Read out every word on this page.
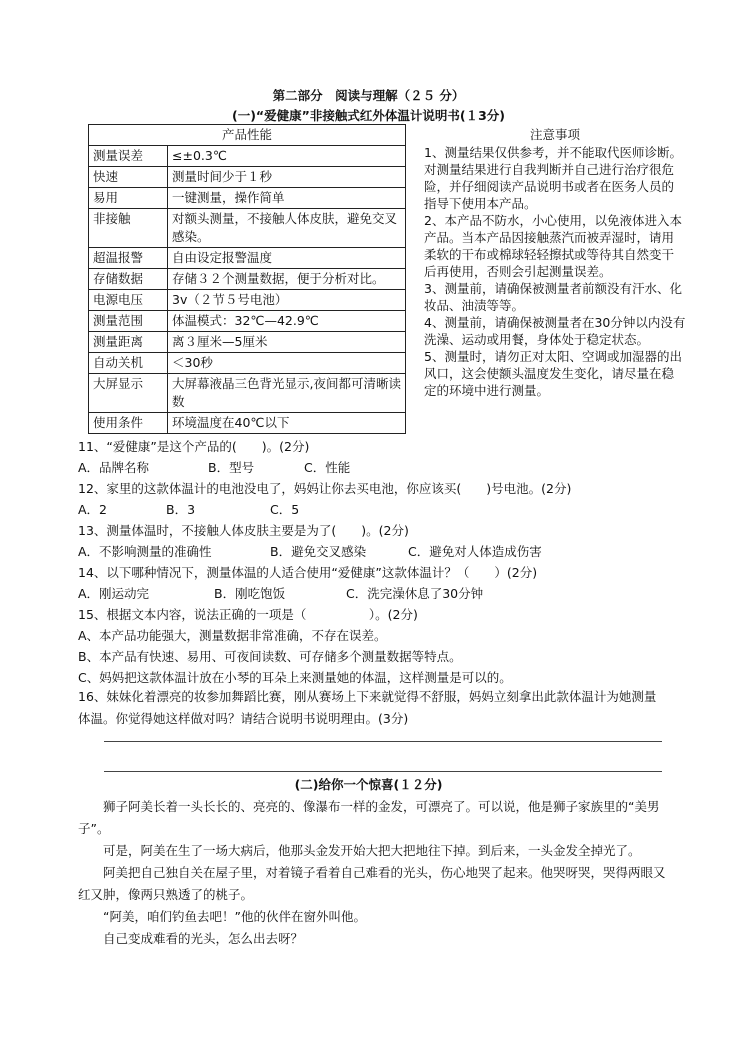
第二部分　阅读与理解（２５ 分）
(一)“爱健康”非接触式红外体温计说明书(１3分)
产品性能	
测量误差	≤±0.3℃
快速	测量时间少于１秒
易用	一键测量，操作简单
非接触	对额头测量，不接触人体皮肤，避免交叉感染。
超温报警	自由设定报警温度
存储数据	存储３２个测量数据，便于分析对比。
电源电压	3v（２节５号电池）
测量范围	体温模式：32℃—42.9℃
测量距离	离３厘米—5厘米
自动关机	＜30秒
大屏显示	大屏幕液晶三色背光显示,夜间都可清晰读数
使用条件	环境温度在40℃以下
注意事项

1、测量结果仅供参考，并不能取代医师诊断。对测量结果进行自我判断并自己进行治疗很危险，并仔细阅读产品说明书或者在医务人员的指导下使用本产品。

2、本产品不防水，小心使用，以免液体进入本产品。当本产品因接触蒸汽而被弄湿时，请用柔软的干布或棉球轻轻擦拭或等待其自然变干后再使用，否则会引起测量误差。

3、测量前，请确保被测量者前额没有汗水、化妆品、油渍等等。

4、测量前，请确保被测量者在30分钟以内没有洗澡、运动或用餐，身体处于稳定状态。

5、测量时，请勿正对太阳、空调或加湿器的出风口，这会使额头温度发生变化，请尽量在稳定的环境中进行测量。

11、“爱健康”是这个产品的(　　)。(2分)
A．品牌名称	B．型号	C．性能
12、家里的这款体温计的电池没电了，妈妈让你去买电池，你应该买(　　)号电池。(2分)
A．2	B．3	C．5
13、测量体温时，不接触人体皮肤主要是为了(　　)。(2分)
A．不影响测量的准确性	B．避免交叉感染	C．避免对人体造成伤害
14、以下哪种情况下，测量体温的人适合使用“爱健康”这款体温计？（　　）(2分)
A．刚运动完	B．刚吃饱饭	C．洗完澡休息了30分钟
15、根据文本内容，说法正确的一项是（　　　　　）。(2分)
A、本产品功能强大，测量数据非常准确，不存在误差。
B、本产品有快速、易用、可夜间读数、可存储多个测量数据等特点。
C、妈妈把这款体温计放在小琴的耳朵上来测量她的体温，这样测量是可以的。
16、妹妹化着漂亮的妆参加舞蹈比赛，刚从赛场上下来就觉得不舒服，妈妈立刻拿出此款体温计为她测量体温。你觉得她这样做对吗？请结合说明书说明理由。(3分)
(二)给你一个惊喜(１２分)

狮子阿美长着一头长长的、亮亮的、像瀑布一样的金发，可漂亮了。可以说，他是狮子家族里的“美男子”。

可是，阿美在生了一场大病后，他那头金发开始大把大把地往下掉。到后来，一头金发全掉光了。

阿美把自己独自关在屋子里，对着镜子看着自己难看的光头，伤心地哭了起来。他哭呀哭，哭得两眼又红又肿，像两只熟透了的桃子。

“阿美，咱们钓鱼去吧！”他的伙伴在窗外叫他。

自己变成难看的光头，怎么出去呀？
